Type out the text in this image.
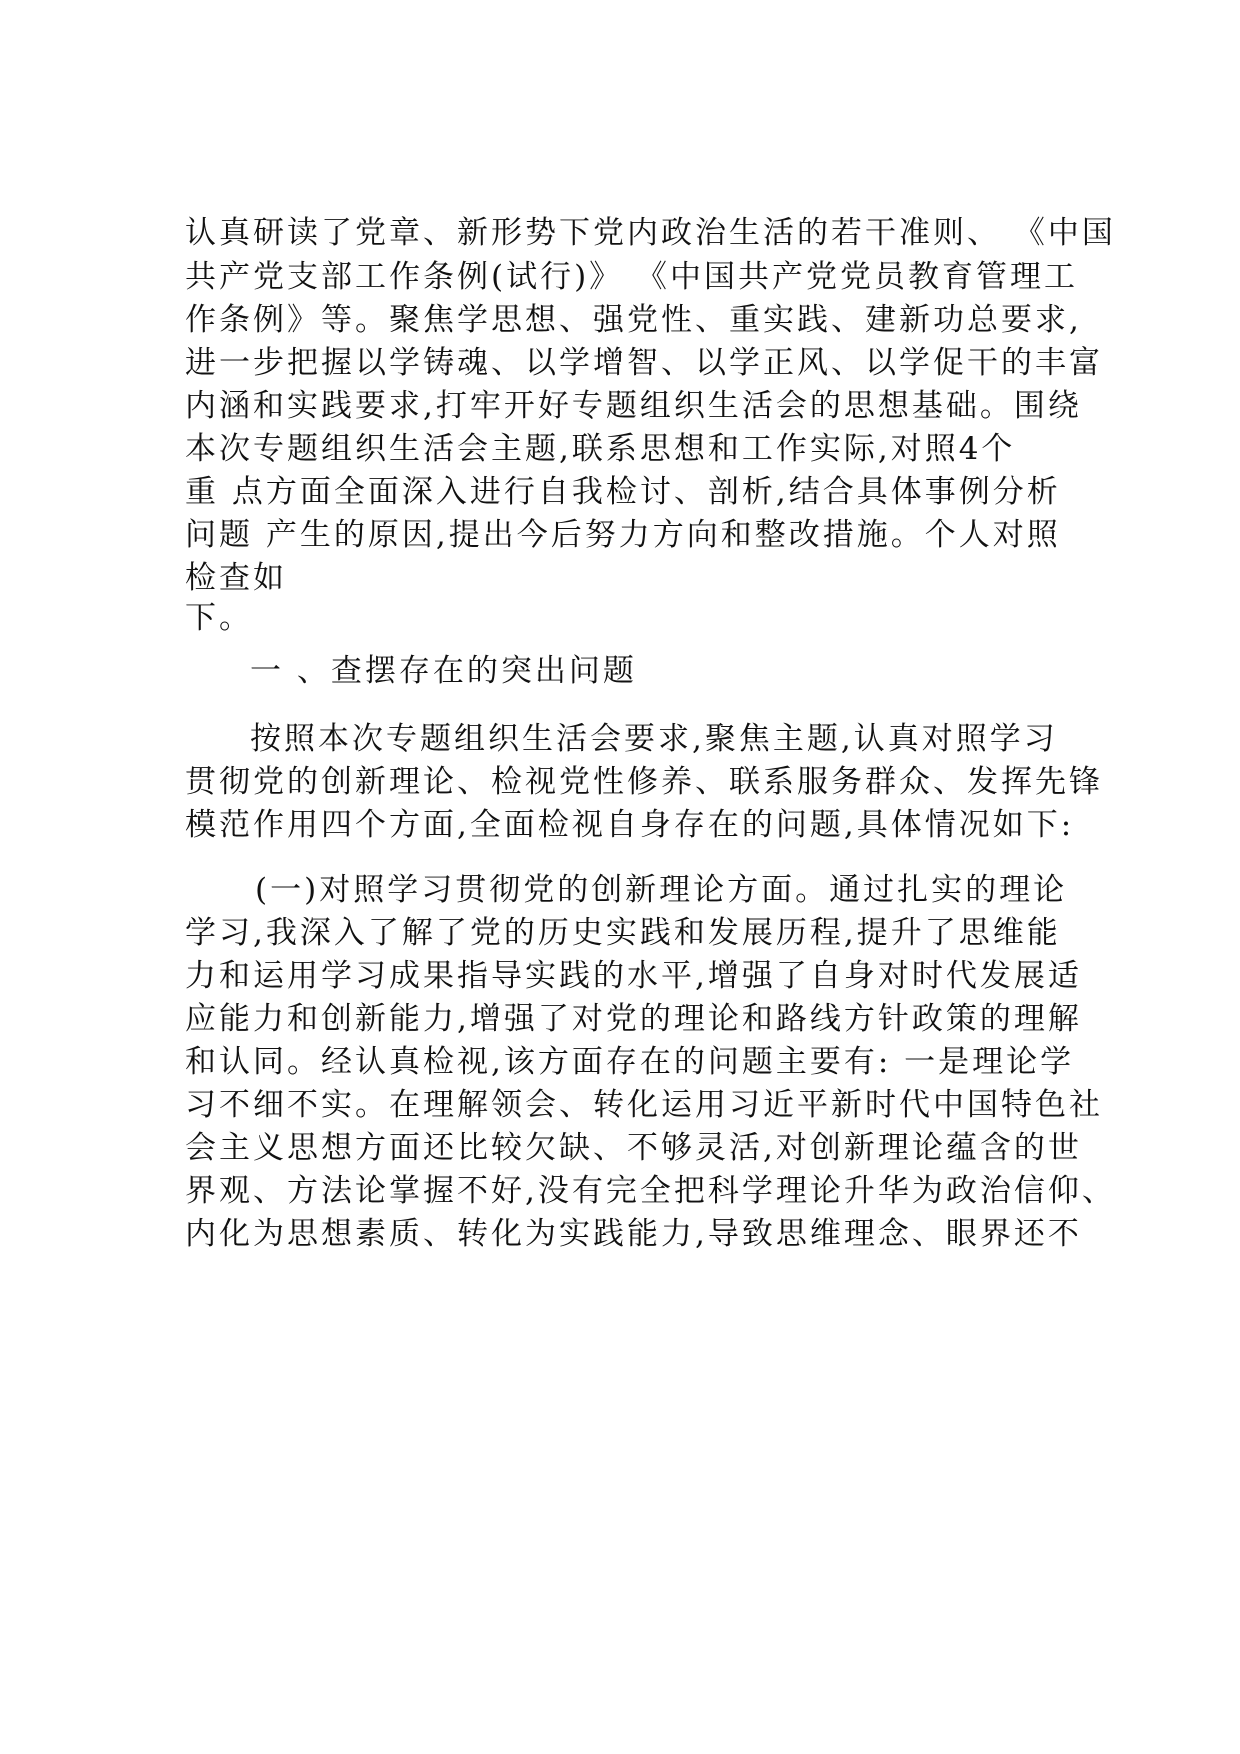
认真研读了党章、新形势下党内政治生活的若干准则、 《中国

共产党支部工作条例(试行)》 《中国共产党党员教育管理工

作条例》等。聚焦学思想、强党性、重实践、建新功总要求,

进一步把握以学铸魂、以学增智、以学正风、以学促干的丰富

内涵和实践要求,打牢开好专题组织生活会的思想基础。围绕

本次专题组织生活会主题,联系思想和工作实际,对照4个

重 点方面全面深入进行自我检讨、剖析,结合具体事例分析

问题 产生的原因,提出今后努力方向和整改措施。个人对照

检查如

下。

一 、查摆存在的突出问题

按照本次专题组织生活会要求,聚焦主题,认真对照学习

贯彻党的创新理论、检视党性修养、联系服务群众、发挥先锋

模范作用四个方面,全面检视自身存在的问题,具体情况如下:

(一)对照学习贯彻党的创新理论方面。通过扎实的理论

学习,我深入了解了党的历史实践和发展历程,提升了思维能

力和运用学习成果指导实践的水平,增强了自身对时代发展适

应能力和创新能力,增强了对党的理论和路线方针政策的理解

和认同。经认真检视,该方面存在的问题主要有: 一是理论学

习不细不实。在理解领会、转化运用习近平新时代中国特色社

会主义思想方面还比较欠缺、不够灵活,对创新理论蕴含的世

界观、方法论掌握不好,没有完全把科学理论升华为政治信仰、

内化为思想素质、转化为实践能力,导致思维理念、眼界还不
